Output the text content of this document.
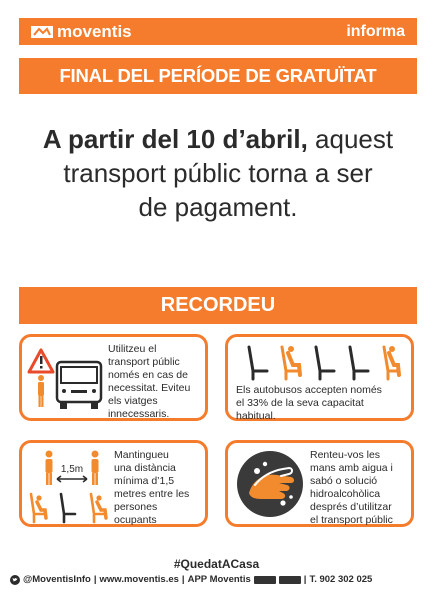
moventis	informa
FINAL DEL PERÍODE DE GRATUÏTAT
A partir del 10 d’abril, aquest
transport públic torna a ser
de pagament.
RECORDEU
Utilitzeu el
transport públic
només en cas de
necessitat. Eviteu
els viatges
innecessaris.
Els autobusos accepten només
el 33% de la seva capacitat
habitual.
1,5m
Mantingueu
una distància
mínima d’1,5
metres entre les
persones
ocupants
Renteu-vos les
mans amb aigua i
sabó o solució
hidroalcohòlica
després d’utilitzar
el transport públic
#QuedatACasa
@MoventisInfo | www.moventis.es | APP Moventis	| T. 902 302 025
